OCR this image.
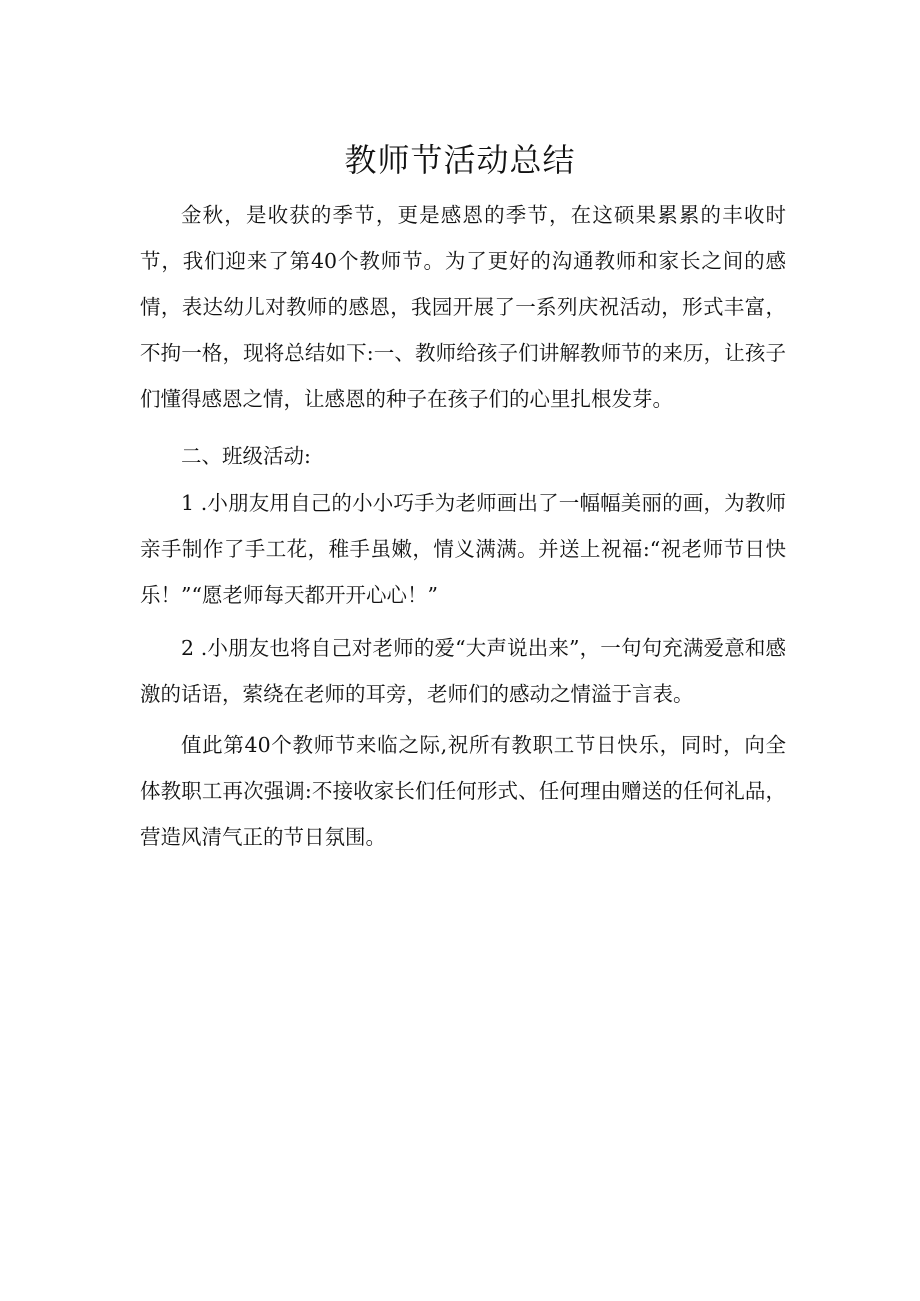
教师节活动总结

金秋，是收获的季节，更是感恩的季节，在这硕果累累的丰收时节，我们迎来了第40个教师节。为了更好的沟通教师和家长之间的感情，表达幼儿对教师的感恩，我园开展了一系列庆祝活动，形式丰富，不拘一格，现将总结如下:一、教师给孩子们讲解教师节的来历，让孩子们懂得感恩之情，让感恩的种子在孩子们的心里扎根发芽。

二、班级活动:

1 .小朋友用自己的小小巧手为老师画出了一幅幅美丽的画，为教师亲手制作了手工花，稚手虽嫩，情义满满。并送上祝福:“祝老师节日快乐！”“愿老师每天都开开心心！”

2 .小朋友也将自己对老师的爱“大声说出来”，一句句充满爱意和感激的话语，萦绕在老师的耳旁，老师们的感动之情溢于言表。

值此第40个教师节来临之际,祝所有教职工节日快乐，同时，向全体教职工再次强调:不接收家长们任何形式、任何理由赠送的任何礼品，营造风清气正的节日氛围。
